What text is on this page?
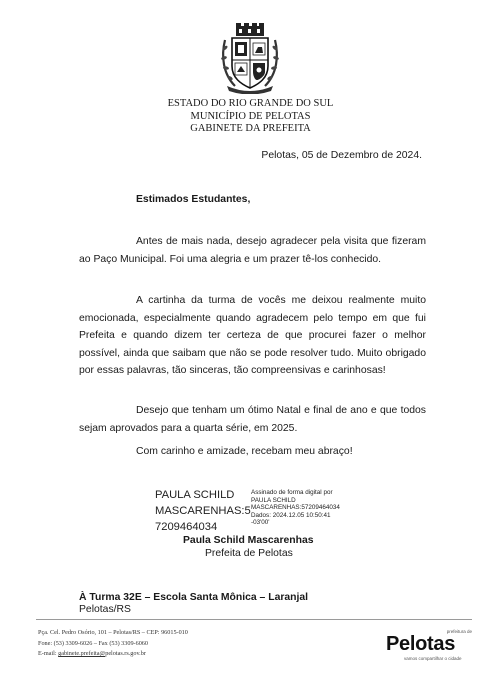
ESTADO DO RIO GRANDE DO SUL
MUNICÍPIO DE PELOTAS
GABINETE DA PREFEITA
Pelotas, 05 de Dezembro de 2024.
Estimados Estudantes,
Antes de mais nada, desejo agradecer pela visita que fizeram ao Paço Municipal. Foi uma alegria e um prazer tê-los conhecido.
A cartinha da turma de vocês me deixou realmente muito emocionada, especialmente quando agradecem pelo tempo em que fui Prefeita e quando dizem ter certeza de que procurei fazer o melhor possível, ainda que saibam que não se pode resolver tudo. Muito obrigado por essas palavras, tão sinceras, tão compreensivas e carinhosas!
Desejo que tenham um ótimo Natal e final de ano e que todos sejam aprovados para a quarta série, em 2025.
Com carinho e amizade, recebam meu abraço!
PAULA SCHILD
MASCARENHAS:5
7209464034
Assinado de forma digital por
PAULA SCHILD
MASCARENHAS:57209464034
Dados: 2024.12.05 10:50:41
-03'00'
Paula Schild Mascarenhas
Prefeita de Pelotas
À Turma 32E – Escola Santa Mônica – Laranjal
Pelotas/RS
Pça. Cel. Pedro Osório, 101 – Pelotas/RS – CEP: 96015-010
Fone: (53) 3309-6026 – Fax (53) 3309-6060
E-mail: gabinete.prefeita@pelotas.rs.gov.br
prefeitura de
Pelotas
vamos compartilhar o cidade
